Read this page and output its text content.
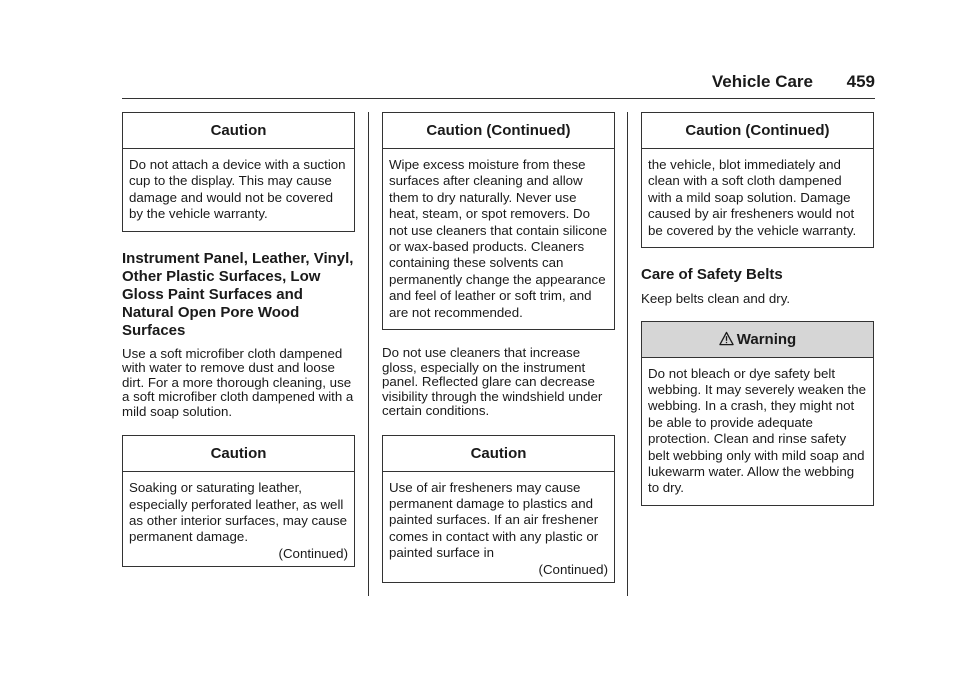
Vehicle Care 459
Caution
Do not attach a device with a suction cup to the display. This may cause damage and would not be covered by the vehicle warranty.
Instrument Panel, Leather, Vinyl, Other Plastic Surfaces, Low Gloss Paint Surfaces and Natural Open Pore Wood Surfaces

Use a soft microfiber cloth dampened with water to remove dust and loose dirt. For a more thorough cleaning, use a soft microfiber cloth dampened with a mild soap solution.

Caution
Soaking or saturating leather, especially perforated leather, as well as other interior surfaces, may cause permanent damage.
(Continued)
Caution (Continued)
Wipe excess moisture from these surfaces after cleaning and allow them to dry naturally. Never use heat, steam, or spot removers. Do not use cleaners that contain silicone or wax-based products. Cleaners containing these solvents can permanently change the appearance and feel of leather or soft trim, and are not recommended.

Do not use cleaners that increase gloss, especially on the instrument panel. Reflected glare can decrease visibility through the windshield under certain conditions.

Caution
Use of air fresheners may cause permanent damage to plastics and painted surfaces. If an air freshener comes in contact with any plastic or painted surface in
(Continued)
Caution (Continued)
the vehicle, blot immediately and clean with a soft cloth dampened with a mild soap solution. Damage caused by air fresheners would not be covered by the vehicle warranty.
Care of Safety Belts

Keep belts clean and dry.

Warning
Do not bleach or dye safety belt webbing. It may severely weaken the webbing. In a crash, they might not be able to provide adequate protection. Clean and rinse safety belt webbing only with mild soap and lukewarm water. Allow the webbing to dry.
